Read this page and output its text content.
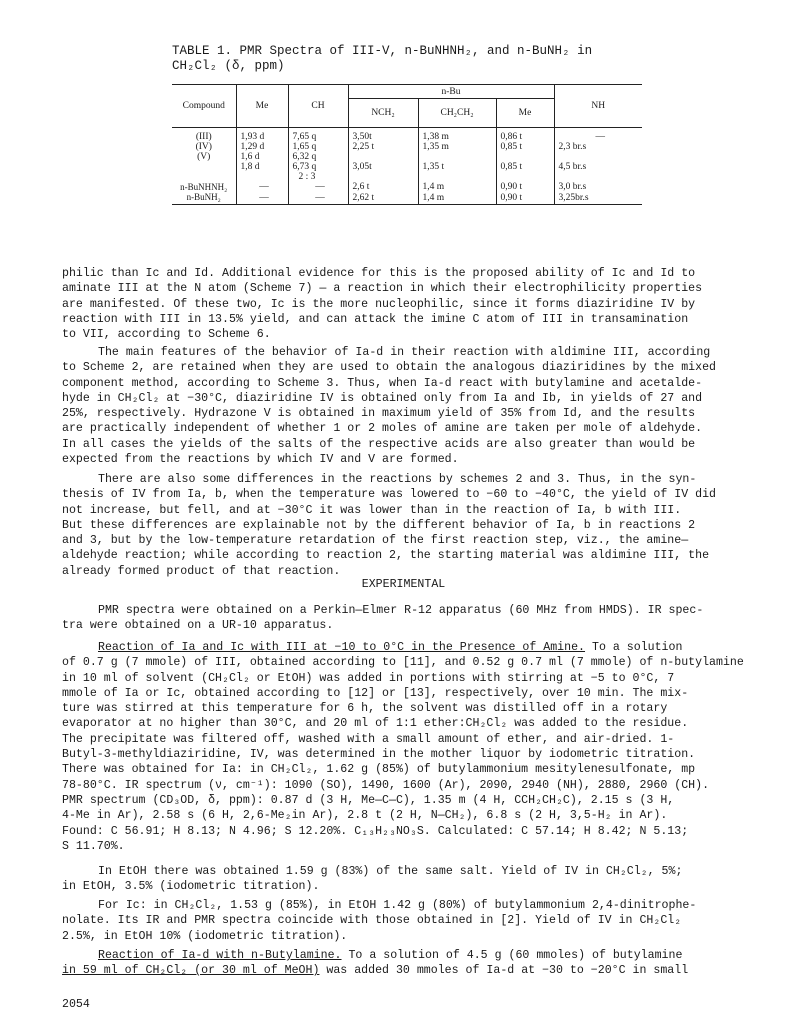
TABLE 1. PMR Spectra of III-V, n-BuNHNH₂, and n-BuNH₂ in
CH₂Cl₂ (δ, ppm)
Compound	Me	CH	n-Bu			NH
			NCH₂	CH₂CH₂	Me	

(III)	1,93 d	7,65 q	3,50t	1,38 m	0,86 t	—
(IV)	1,29 d	1,65 q	2,25 t	1,35 m	0,85 t	2,3 br.s
(V)	1,6 d	6,32 q				
	1,8 d	6,73 q	3,05t	1,35 t	0,85 t	4,5 br.s
		2 : 3				
n-BuNHNH₂	—	—	2,6 t	1,4 m	0,90 t	3,0 br.s
n-BuNH₂	—	—	2,62 t	1,4 m	0,90 t	3,25br.s

philic than Ic and Id. Additional evidence for this is the proposed ability of Ic and Id to

aminate III at the N atom (Scheme 7) — a reaction in which their electrophilicity properties

are manifested. Of these two, Ic is the more nucleophilic, since it forms diaziridine IV by

reaction with III in 13.5% yield, and can attack the imine C atom of III in transamination

to VII, according to Scheme 6.

The main features of the behavior of Ia-d in their reaction with aldimine III, according

to Scheme 2, are retained when they are used to obtain the analogous diaziridines by the mixed

component method, according to Scheme 3. Thus, when Ia-d react with butylamine and acetalde-

hyde in CH₂Cl₂ at −30°C, diaziridine IV is obtained only from Ia and Ib, in yields of 27 and

25%, respectively. Hydrazone V is obtained in maximum yield of 35% from Id, and the results

are practically independent of whether 1 or 2 moles of amine are taken per mole of aldehyde.

In all cases the yields of the salts of the respective acids are also greater than would be

expected from the reactions by which IV and V are formed.

There are also some differences in the reactions by schemes 2 and 3. Thus, in the syn-

thesis of IV from Ia, b, when the temperature was lowered to −60 to −40°C, the yield of IV did

not increase, but fell, and at −30°C it was lower than in the reaction of Ia, b with III.

But these differences are explainable not by the different behavior of Ia, b in reactions 2

and 3, but by the low-temperature retardation of the first reaction step, viz., the amine—

aldehyde reaction; while according to reaction 2, the starting material was aldimine III, the

already formed product of that reaction.

EXPERIMENTAL

PMR spectra were obtained on a Perkin—Elmer R-12 apparatus (60 MHz from HMDS). IR spec-

tra were obtained on a UR-10 apparatus.

Reaction of Ia and Ic with III at −10 to 0°C in the Presence of Amine. To a solution

of 0.7 g (7 mmole) of III, obtained according to [11], and 0.52 g 0.7 ml (7 mmole) of n-butylamine

in 10 ml of solvent (CH₂Cl₂ or EtOH) was added in portions with stirring at −5 to 0°C, 7

mmole of Ia or Ic, obtained according to [12] or [13], respectively, over 10 min. The mix-

ture was stirred at this temperature for 6 h, the solvent was distilled off in a rotary

evaporator at no higher than 30°C, and 20 ml of 1:1 ether:CH₂Cl₂ was added to the residue.

The precipitate was filtered off, washed with a small amount of ether, and air-dried. 1-

Butyl-3-methyldiaziridine, IV, was determined in the mother liquor by iodometric titration.

There was obtained for Ia: in CH₂Cl₂, 1.62 g (85%) of butylammonium mesitylenesulfonate, mp

78-80°C. IR spectrum (ν, cm⁻¹): 1090 (SO), 1490, 1600 (Ar), 2090, 2940 (NH), 2880, 2960 (CH).

PMR spectrum (CD₃OD, δ, ppm): 0.87 d (3 H, Me—C—C), 1.35 m (4 H, CCH₂CH₂C), 2.15 s (3 H,

4-Me in Ar), 2.58 s (6 H, 2,6-Me₂in Ar), 2.8 t (2 H, N—CH₂), 6.8 s (2 H, 3,5-H₂ in Ar).

Found: C 56.91; H 8.13; N 4.96; S 12.20%. C₁₃H₂₃NO₃S. Calculated: C 57.14; H 8.42; N 5.13;

S 11.70%.

In EtOH there was obtained 1.59 g (83%) of the same salt. Yield of IV in CH₂Cl₂, 5%;

in EtOH, 3.5% (iodometric titration).

For Ic: in CH₂Cl₂, 1.53 g (85%), in EtOH 1.42 g (80%) of butylammonium 2,4-dinitrophe-

nolate. Its IR and PMR spectra coincide with those obtained in [2]. Yield of IV in CH₂Cl₂

2.5%, in EtOH 10% (iodometric titration).

Reaction of Ia-d with n-Butylamine. To a solution of 4.5 g (60 mmoles) of butylamine

in 59 ml of CH₂Cl₂ (or 30 ml of MeOH) was added 30 mmoles of Ia-d at −30 to −20°C in small

2054
